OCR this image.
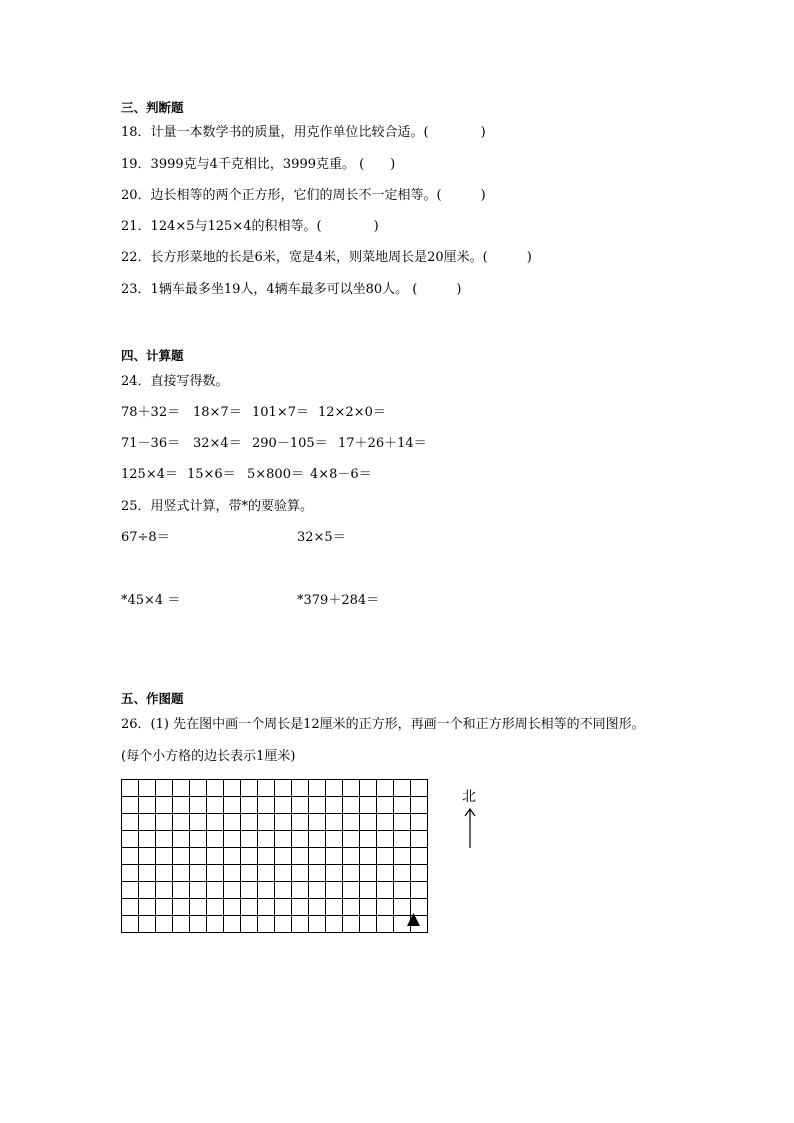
三、判断题
18．计量一本数学书的质量，用克作单位比较合适。(　　　　)
19．3999克与4千克相比，3999克重。 (　　)
20．边长相等的两个正方形，它们的周长不一定相等。(　　　)
21．124×5与125×4的积相等。(　　　　)
22．长方形菜地的长是6米，宽是4米，则菜地周长是20厘米。(　　　)
23．1辆车最多坐19人，4辆车最多可以坐80人。 (　　　)
四、计算题
24．直接写得数。
78＋32＝ 18×7＝ 101×7＝ 12×2×0＝
71－36＝ 32×4＝ 290－105＝ 17＋26＋14＝
125×4＝ 15×6＝ 5×800＝ 4×8－6＝
25．用竖式计算，带*的要验算。
67÷8＝	32×5＝
*45×4 ＝	*379＋284＝
五、作图题
26．(1) 先在图中画一个周长是12厘米的正方形，再画一个和正方形周长相等的不同图形。
(每个小方格的边长表示1厘米)

北
